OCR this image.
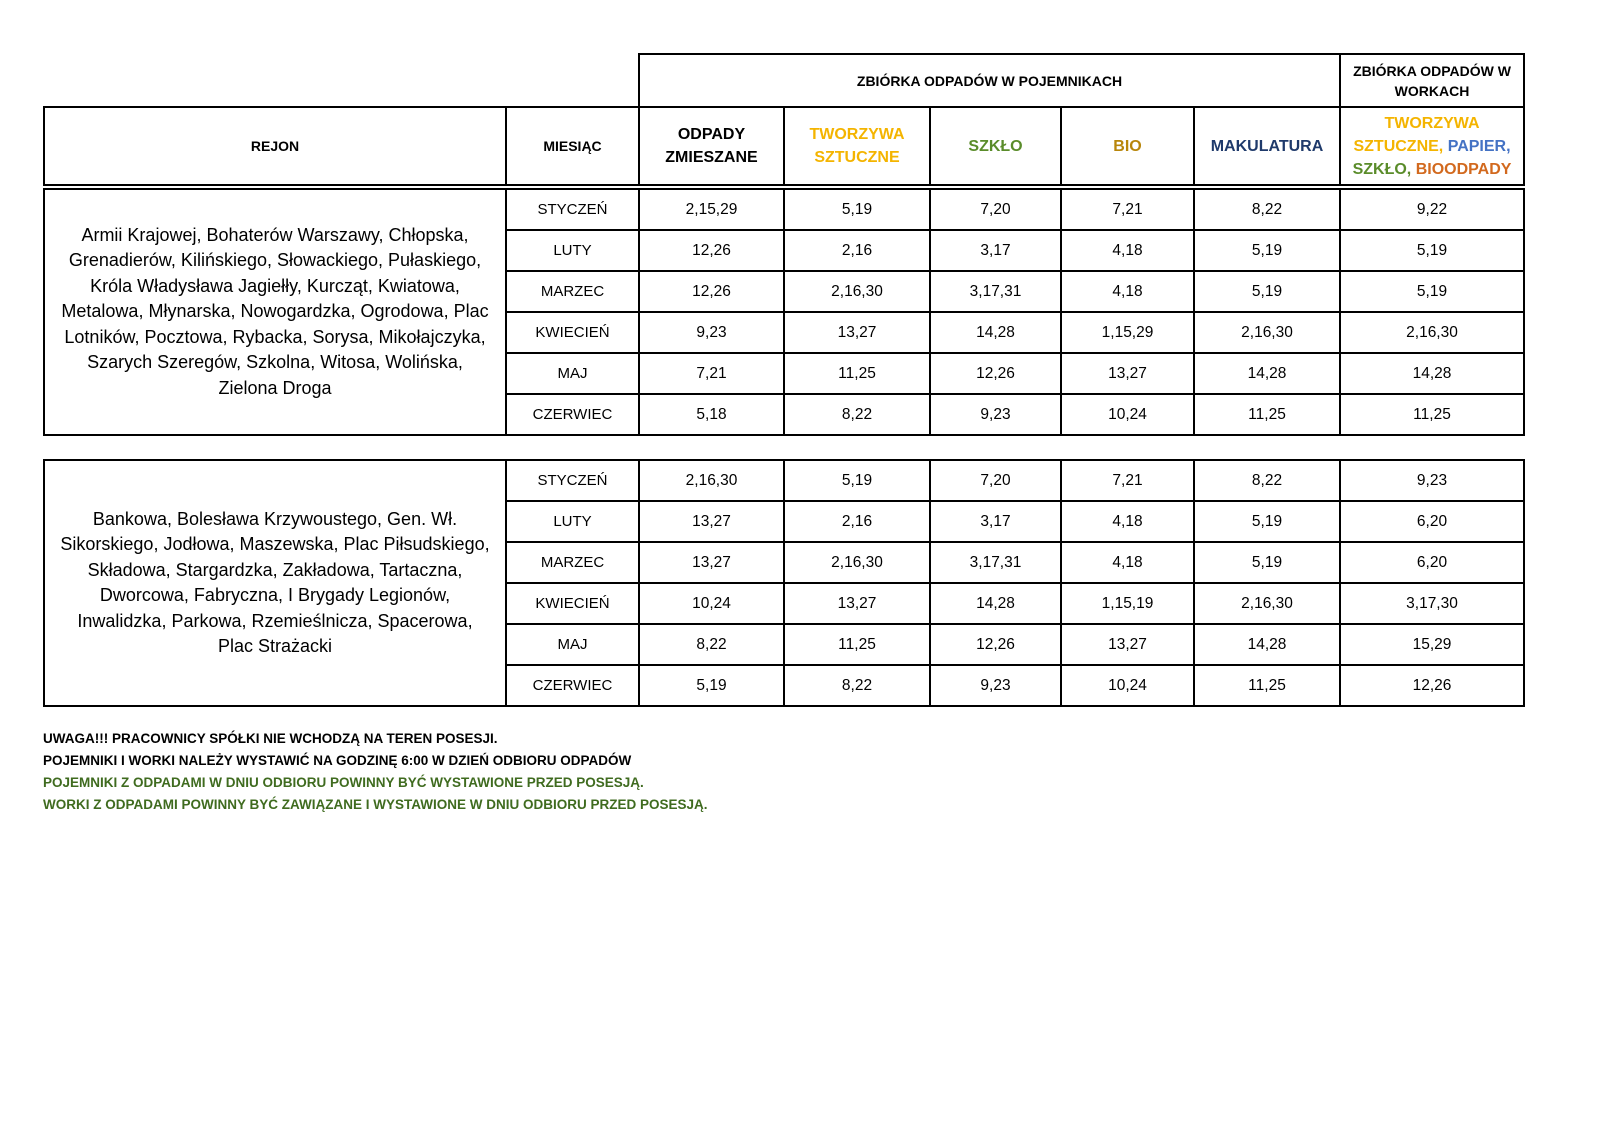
		ZBIÓRKA ODPADÓW W POJEMNIKACH					ZBIÓRKA ODPADÓW W WORKACH
REJON	MIESIĄC	ODPADY ZMIESZANE	TWORZYWA SZTUCZNE	SZKŁO	BIO	MAKULATURA	TWORZYWA SZTUCZNE, PAPIER,
SZKŁO, BIOODPADY
Armii Krajowej, Bohaterów Warszawy, Chłopska, Grenadierów, Kilińskiego, Słowackiego, Pułaskiego, Króla Władysława Jagiełły, Kurcząt, Kwiatowa, Metalowa, Młynarska, Nowogardzka, Ogrodowa, Plac Lotników, Pocztowa, Rybacka, Sorysa, Mikołajczyka, Szarych Szeregów, Szkolna, Witosa, Wolińska, Zielona Droga	STYCZEŃ	2,15,29	5,19	7,20	7,21	8,22	9,22
	LUTY	12,26	2,16	3,17	4,18	5,19	5,19
	MARZEC	12,26	2,16,30	3,17,31	4,18	5,19	5,19
	KWIECIEŃ	9,23	13,27	14,28	1,15,29	2,16,30	2,16,30
	MAJ	7,21	11,25	12,26	13,27	14,28	14,28
	CZERWIEC	5,18	8,22	9,23	10,24	11,25	11,25
Bankowa, Bolesława Krzywoustego, Gen. Wł. Sikorskiego, Jodłowa, Maszewska, Plac Piłsudskiego, Składowa, Stargardzka, Zakładowa, Tartaczna, Dworcowa, Fabryczna, I Brygady Legionów, Inwalidzka, Parkowa, Rzemieślnicza, Spacerowa, Plac Strażacki	STYCZEŃ	2,16,30	5,19	7,20	7,21	8,22	9,23
	LUTY	13,27	2,16	3,17	4,18	5,19	6,20
	MARZEC	13,27	2,16,30	3,17,31	4,18	5,19	6,20
	KWIECIEŃ	10,24	13,27	14,28	1,15,19	2,16,30	3,17,30
	MAJ	8,22	11,25	12,26	13,27	14,28	15,29
	CZERWIEC	5,19	8,22	9,23	10,24	11,25	12,26
UWAGA!!! PRACOWNICY SPÓŁKI NIE WCHODZĄ NA TEREN POSESJI.
POJEMNIKI I WORKI NALEŻY WYSTAWIĆ NA GODZINĘ 6:00 W DZIEŃ ODBIORU ODPADÓW
POJEMNIKI Z ODPADAMI W DNIU ODBIORU POWINNY BYĆ WYSTAWIONE PRZED POSESJĄ.
WORKI Z ODPADAMI POWINNY BYĆ ZAWIĄZANE I WYSTAWIONE W DNIU ODBIORU PRZED POSESJĄ.
